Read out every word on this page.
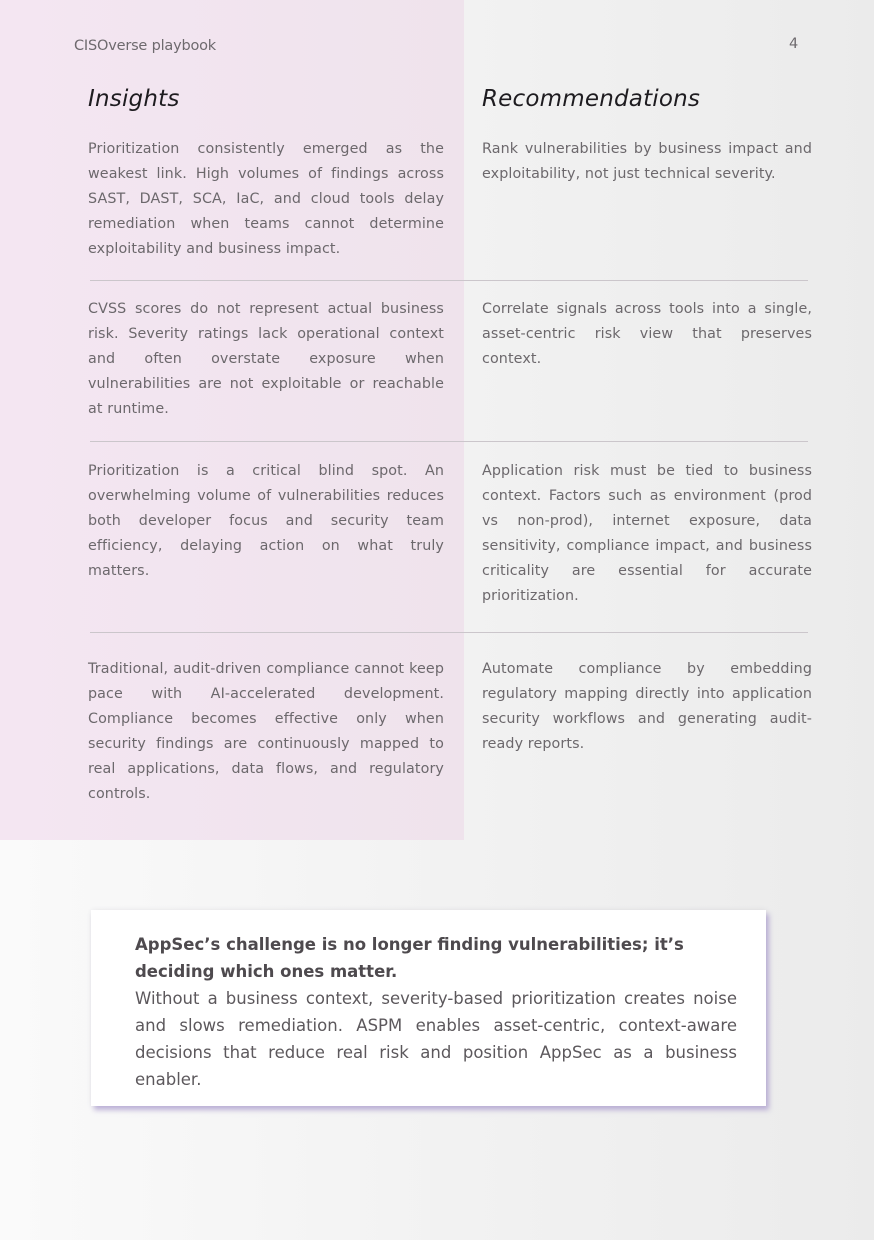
CISOverse playbook	4
Insights	Recommendations
Prioritization consistently emerged as the weakest link. High volumes of findings across SAST, DAST, SCA, IaC, and cloud tools delay remediation when teams cannot determine exploitability and business impact.
Rank vulnerabilities by business impact and exploitability, not just technical severity.
CVSS scores do not represent actual business risk. Severity ratings lack operational context and often overstate exposure when vulnerabilities are not exploitable or reachable at runtime.
Correlate signals across tools into a single, asset-centric risk view that preserves context.
Prioritization is a critical blind spot. An overwhelming volume of vulnerabilities reduces both developer focus and security team efficiency, delaying action on what truly matters.
Application risk must be tied to business context. Factors such as environment (prod vs non-prod), internet exposure, data sensitivity, compliance impact, and business criticality are essential for accurate prioritization.
Traditional, audit-driven compliance cannot keep pace with AI-accelerated development. Compliance becomes effective only when security findings are continuously mapped to real applications, data flows, and regulatory controls.
Automate compliance by embedding regulatory mapping directly into application security workflows and generating audit-ready reports.
AppSec’s challenge is no longer finding vulnerabilities; it’s deciding which ones matter.
Without a business context, severity-based prioritization creates noise and slows remediation. ASPM enables asset-centric, context-aware decisions that reduce real risk and position AppSec as a business enabler.
